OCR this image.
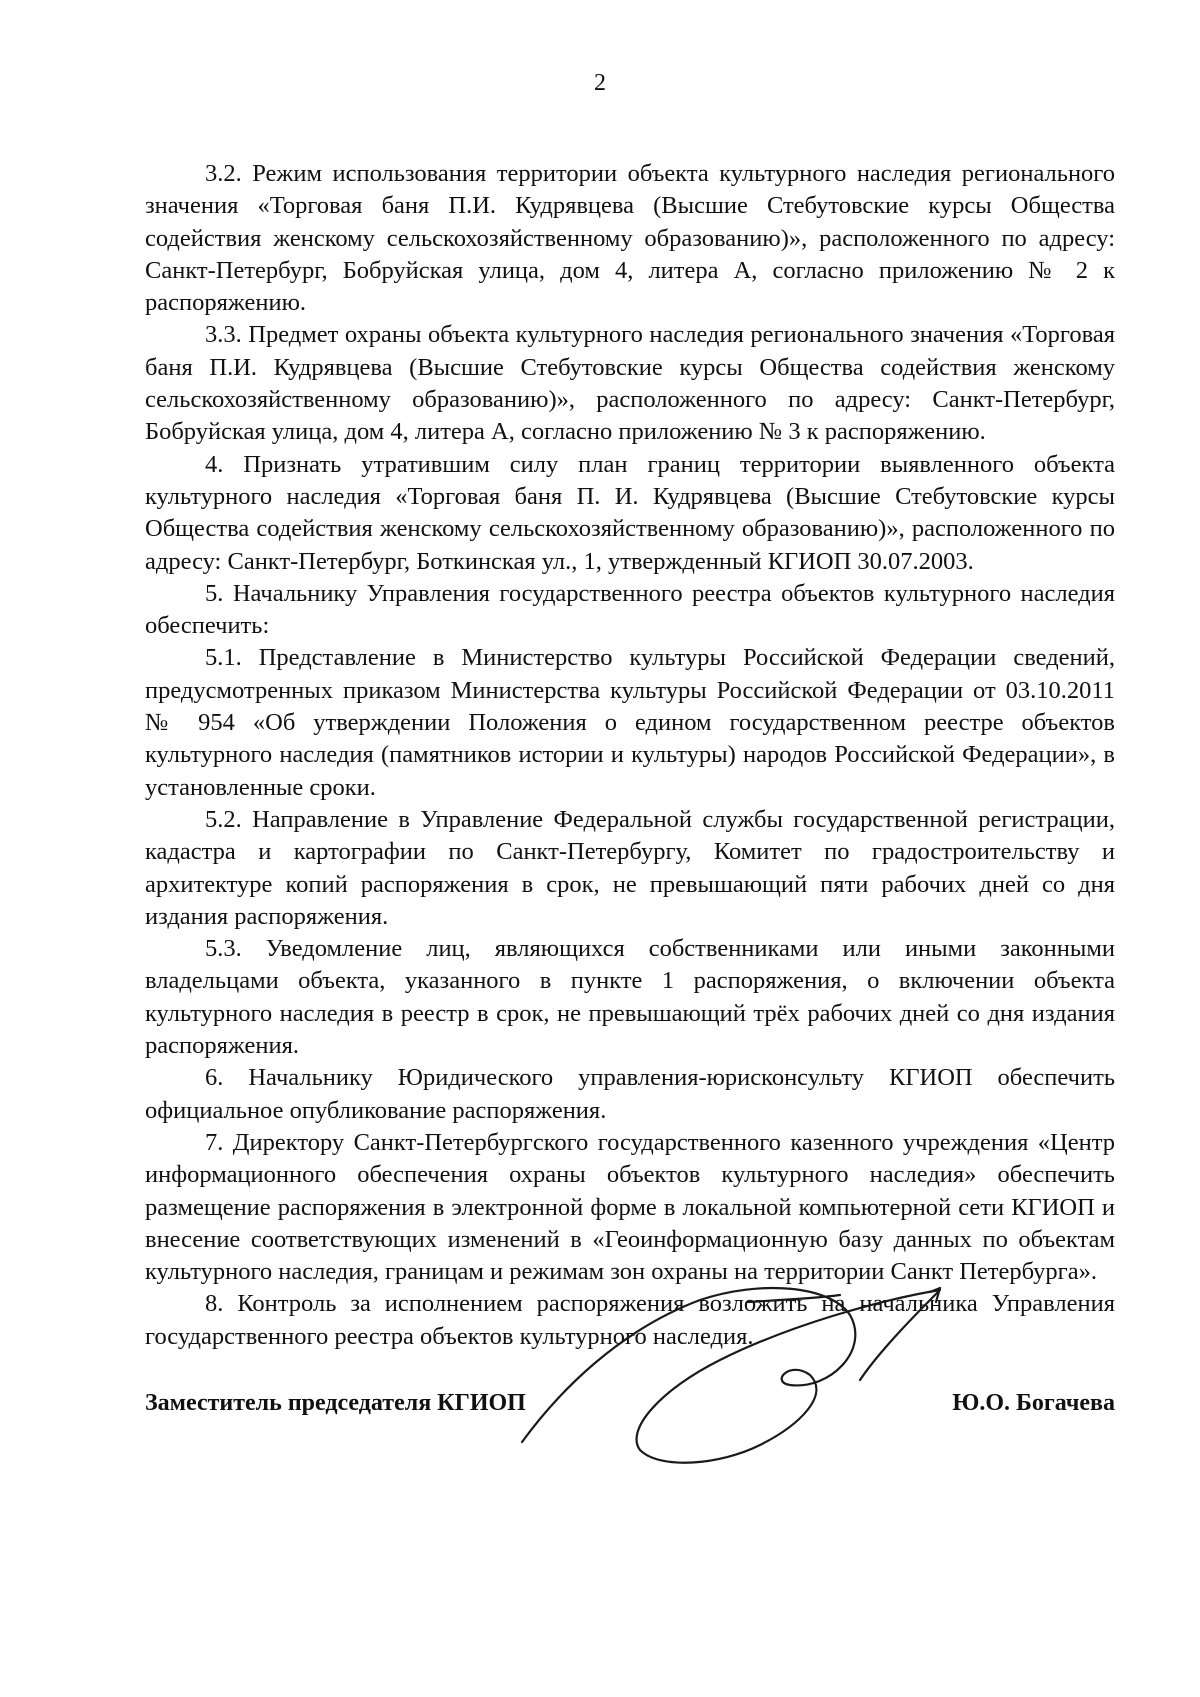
2

3.2. Режим использования территории объекта культурного наследия регионального значения «Торговая баня П.И. Кудрявцева (Высшие Стебутовские курсы Общества содействия женскому сельскохозяйственному образованию)», расположенного по адресу: Санкт-Петербург, Бобруйская улица, дом 4, литера А, согласно приложению № 2 к распоряжению.

3.3. Предмет охраны объекта культурного наследия регионального значения «Торговая баня П.И. Кудрявцева (Высшие Стебутовские курсы Общества содействия женскому сельскохозяйственному образованию)», расположенного по адресу: Санкт-Петербург, Бобруйская улица, дом 4, литера А, согласно приложению № 3 к распоряжению.

4. Признать утратившим силу план границ территории выявленного объекта культурного наследия «Торговая баня П. И. Кудрявцева (Высшие Стебутовские курсы Общества содействия женскому сельскохозяйственному образованию)», расположенного по адресу: Санкт-Петербург, Боткинская ул., 1, утвержденный КГИОП 30.07.2003.

5. Начальнику Управления государственного реестра объектов культурного наследия обеспечить:

5.1. Представление в Министерство культуры Российской Федерации сведений, предусмотренных приказом Министерства культуры Российской Федерации от 03.10.2011 № 954 «Об утверждении Положения о едином государственном реестре объектов культурного наследия (памятников истории и культуры) народов Российской Федерации», в установленные сроки.

5.2. Направление в Управление Федеральной службы государственной регистрации, кадастра и картографии по Санкт-Петербургу, Комитет по градостроительству и архитектуре копий распоряжения в срок, не превышающий пяти рабочих дней со дня издания распоряжения.

5.3. Уведомление лиц, являющихся собственниками или иными законными владельцами объекта, указанного в пункте 1 распоряжения, о включении объекта культурного наследия в реестр в срок, не превышающий трёх рабочих дней со дня издания распоряжения.

6. Начальнику Юридического управления-юрисконсульту КГИОП обеспечить официальное опубликование распоряжения.

7. Директору Санкт-Петербургского государственного казенного учреждения «Центр информационного обеспечения охраны объектов культурного наследия» обеспечить размещение распоряжения в электронной форме в локальной компьютерной сети КГИОП и внесение соответствующих изменений в «Геоинформационную базу данных по объектам культурного наследия, границам и режимам зон охраны на территории Санкт Петербурга».

8. Контроль за исполнением распоряжения возложить на начальника Управления государственного реестра объектов культурного наследия.

Заместитель председателя КГИОП	Ю.О. Богачева
